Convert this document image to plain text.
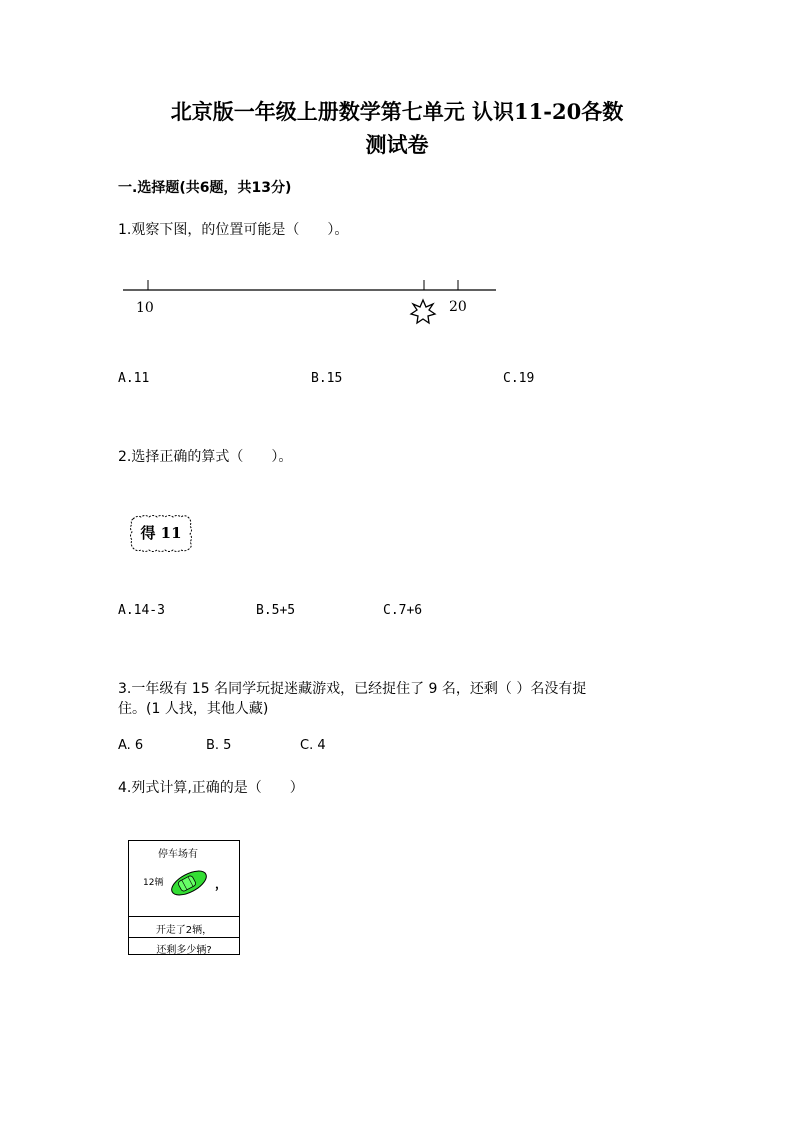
北京版一年级上册数学第七单元 认识11-20各数
测试卷
一.选择题(共6题，共13分)
1.观察下图，的位置可能是（　　）。
10	20
A.11	B.15	C.19
2.选择正确的算式（　　）。
得 11
A.14-3	B.5+5	C.7+6
3.一年级有 15 名同学玩捉迷藏游戏，已经捉住了 9 名，还剩（ ）名没有捉
住。(1 人找，其他人藏)
A. 6	B. 5	C. 4
4.列式计算,正确的是（　　）
停车场有
12辆	，
开走了2辆，
还剩多少辆?
